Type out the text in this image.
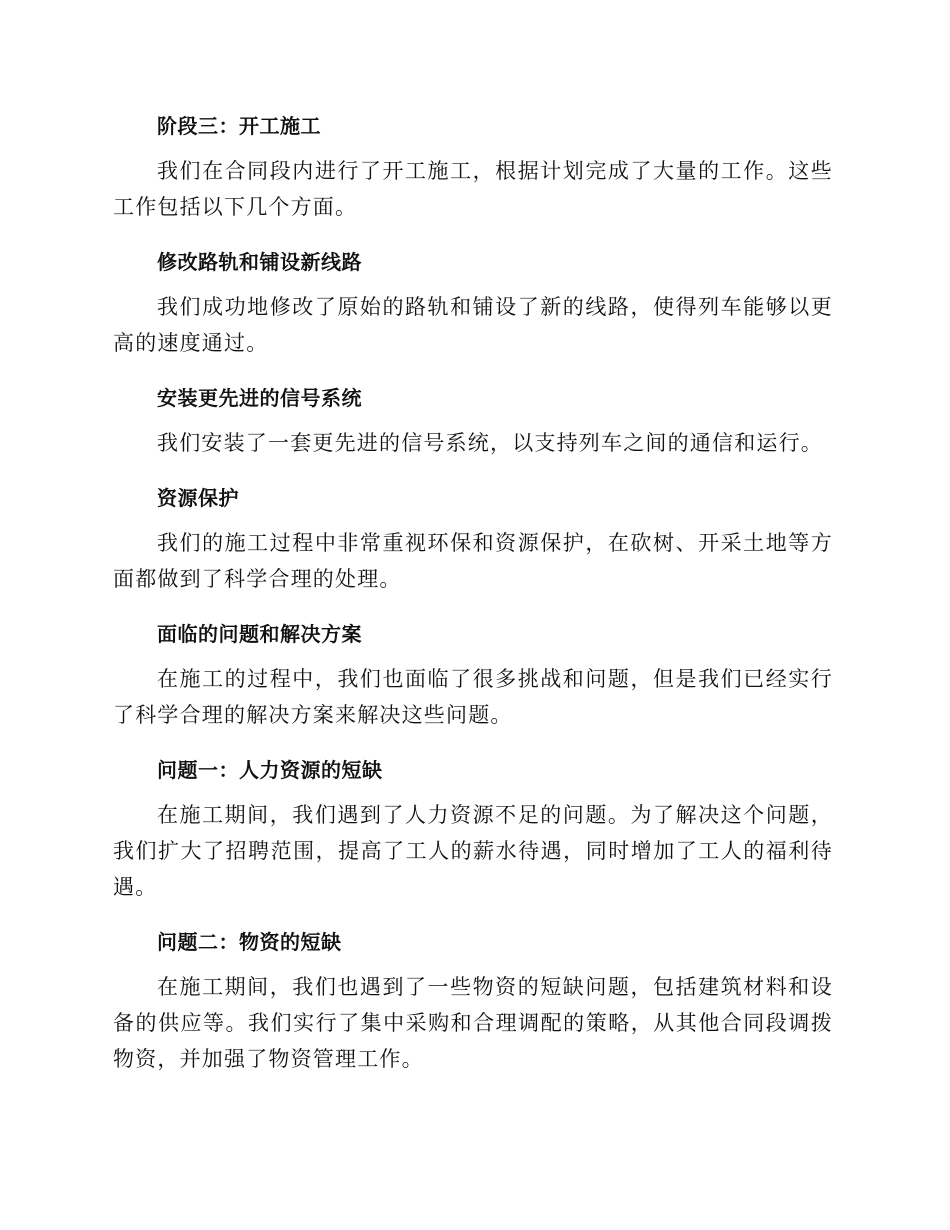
阶段三：开工施工

我们在合同段内进行了开工施工，根据计划完成了大量的工作。这些工作包括以下几个方面。

修改路轨和铺设新线路

我们成功地修改了原始的路轨和铺设了新的线路，使得列车能够以更高的速度通过。

安装更先进的信号系统

我们安装了一套更先进的信号系统，以支持列车之间的通信和运行。

资源保护

我们的施工过程中非常重视环保和资源保护，在砍树、开采土地等方面都做到了科学合理的处理。

面临的问题和解决方案

在施工的过程中，我们也面临了很多挑战和问题，但是我们已经实行了科学合理的解决方案来解决这些问题。

问题一：人力资源的短缺

在施工期间，我们遇到了人力资源不足的问题。为了解决这个问题，我们扩大了招聘范围，提高了工人的薪水待遇，同时增加了工人的福利待遇。

问题二：物资的短缺

在施工期间，我们也遇到了一些物资的短缺问题，包括建筑材料和设备的供应等。我们实行了集中采购和合理调配的策略，从其他合同段调拨物资，并加强了物资管理工作。
